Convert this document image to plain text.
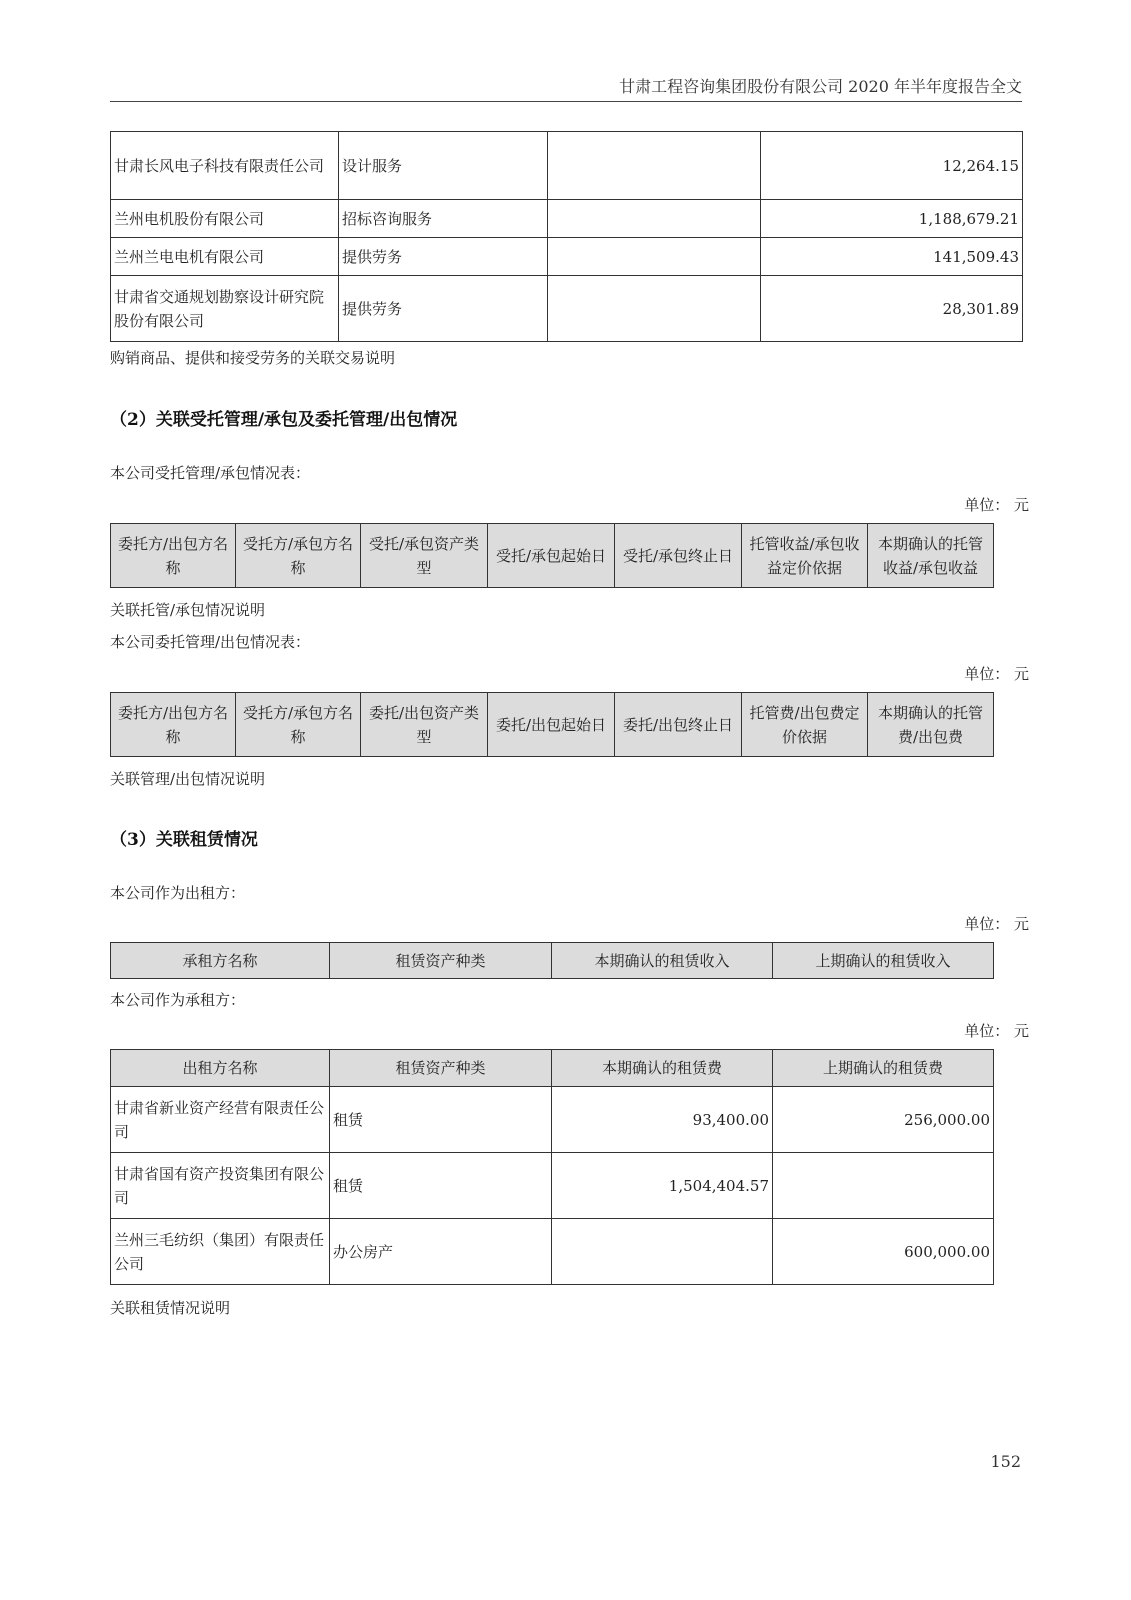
甘肃工程咨询集团股份有限公司 2020 年半年度报告全文
甘肃长风电子科技有限责任公司	设计服务		12,264.15
兰州电机股份有限公司	招标咨询服务		1,188,679.21
兰州兰电电机有限公司	提供劳务		141,509.43
甘肃省交通规划勘察设计研究院股份有限公司	提供劳务		28,301.89
购销商品、提供和接受劳务的关联交易说明
（2）关联受托管理/承包及委托管理/出包情况
本公司受托管理/承包情况表：
单位： 元
委托方/出包方名称	受托方/承包方名称	受托/承包资产类型	受托/承包起始日	受托/承包终止日	托管收益/承包收益定价依据	本期确认的托管收益/承包收益
关联托管/承包情况说明
本公司委托管理/出包情况表：
单位： 元
委托方/出包方名称	受托方/承包方名称	委托/出包资产类型	委托/出包起始日	委托/出包终止日	托管费/出包费定价依据	本期确认的托管费/出包费
关联管理/出包情况说明
（3）关联租赁情况
本公司作为出租方：
单位： 元
承租方名称	租赁资产种类	本期确认的租赁收入	上期确认的租赁收入
本公司作为承租方：
单位： 元
出租方名称	租赁资产种类	本期确认的租赁费	上期确认的租赁费
甘肃省新业资产经营有限责任公司	租赁	93,400.00	256,000.00
甘肃省国有资产投资集团有限公司	租赁	1,504,404.57	
兰州三毛纺织（集团）有限责任公司	办公房产		600,000.00
关联租赁情况说明
152
